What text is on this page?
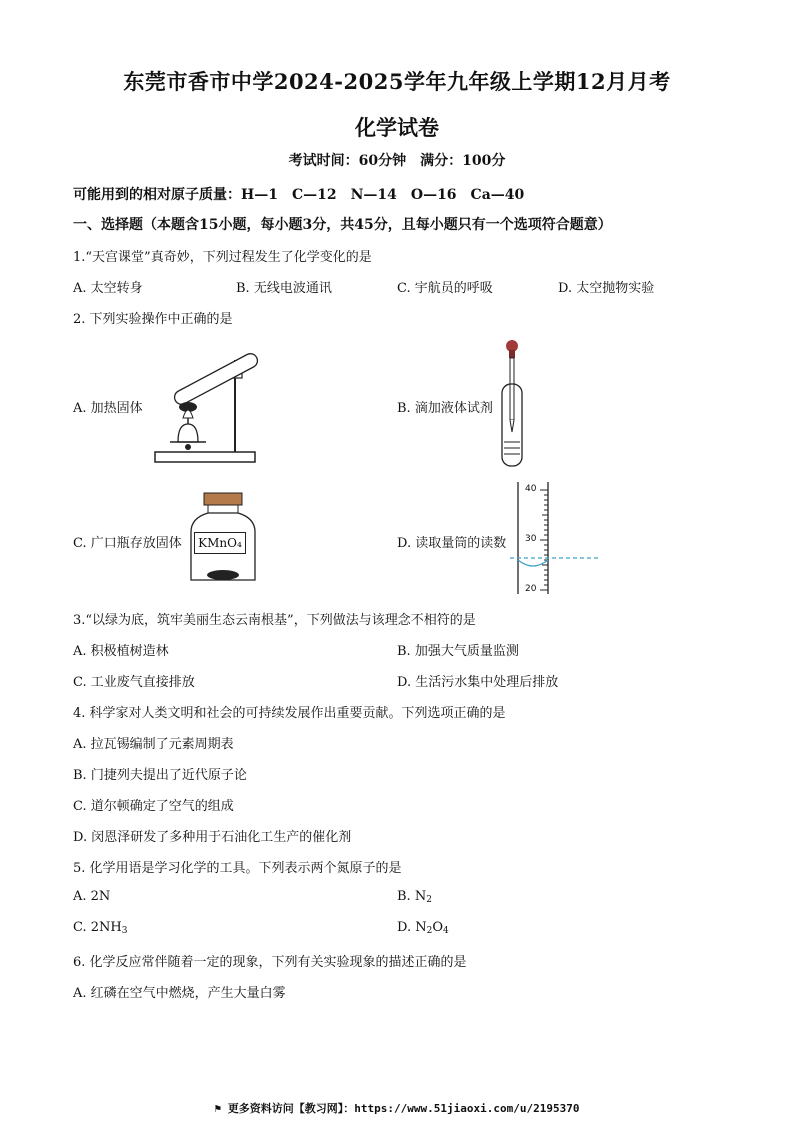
东莞市香市中学2024-2025学年九年级上学期12月月考
化学试卷
考试时间：60分钟　满分：100分
可能用到的相对原子质量：H—1　C—12　N—14　O—16　Ca—40
一、选择题（本题含15小题，每小题3分，共45分，且每小题只有一个选项符合题意）
1.“天宫课堂”真奇妙，下列过程发生了化学变化的是
A. 太空转身	B. 无线电波通讯	C. 宇航员的呼吸	D. 太空抛物实验
2. 下列实验操作中正确的是
A. 加热固体	B. 滴加液体试剂
C. 广口瓶存放固体	D. 读取量筒的读数
KMnO₄
40
30
20
3.“以绿为底，筑牢美丽生态云南根基”，下列做法与该理念不相符的是
A. 积极植树造林	B. 加强大气质量监测
C. 工业废气直接排放	D. 生活污水集中处理后排放
4. 科学家对人类文明和社会的可持续发展作出重要贡献。下列选项正确的是
A. 拉瓦锡编制了元素周期表
B. 门捷列夫提出了近代原子论
C. 道尔顿确定了空气的组成
D. 闵恩泽研发了多种用于石油化工生产的催化剂
5. 化学用语是学习化学的工具。下列表示两个氮原子的是
A. 2N	B. $N_2$
C. $2NH_3$	D. $N_2O_4$
6. 化学反应常伴随着一定的现象，下列有关实验现象的描述正确的是
A. 红磷在空气中燃烧，产生大量白雾
⚑ 更多资料访问【教习网】：https://www.51jiaoxi.com/u/2195370
